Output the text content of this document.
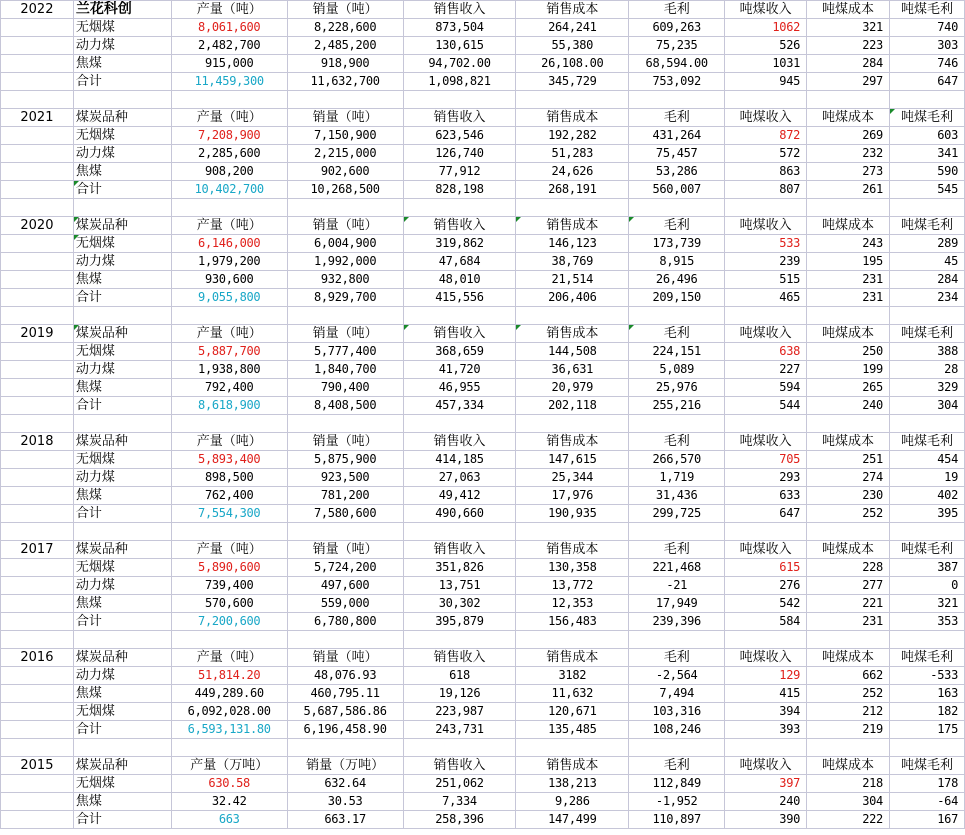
2022	兰花科创	产量（吨）	销量（吨）	销售收入	销售成本	毛利	吨煤收入	吨煤成本	吨煤毛利
	无烟煤	8,061,600	8,228,600	873,504	264,241	609,263	1062	321	740
	动力煤	2,482,700	2,485,200	130,615	55,380	75,235	526	223	303
	焦煤	915,000	918,900	94,702.00	26,108.00	68,594.00	1031	284	746
	合计	11,459,300	11,632,700	1,098,821	345,729	753,092	945	297	647

2021	煤炭品种	产量（吨）	销量（吨）	销售收入	销售成本	毛利	吨煤收入	吨煤成本	吨煤毛利
	无烟煤	7,208,900	7,150,900	623,546	192,282	431,264	872	269	603
	动力煤	2,285,600	2,215,000	126,740	51,283	75,457	572	232	341
	焦煤	908,200	902,600	77,912	24,626	53,286	863	273	590
	合计	10,402,700	10,268,500	828,198	268,191	560,007	807	261	545

2020	煤炭品种	产量（吨）	销量（吨）	销售收入	销售成本	毛利	吨煤收入	吨煤成本	吨煤毛利
	无烟煤	6,146,000	6,004,900	319,862	146,123	173,739	533	243	289
	动力煤	1,979,200	1,992,000	47,684	38,769	8,915	239	195	45
	焦煤	930,600	932,800	48,010	21,514	26,496	515	231	284
	合计	9,055,800	8,929,700	415,556	206,406	209,150	465	231	234

2019	煤炭品种	产量（吨）	销量（吨）	销售收入	销售成本	毛利	吨煤收入	吨煤成本	吨煤毛利
	无烟煤	5,887,700	5,777,400	368,659	144,508	224,151	638	250	388
	动力煤	1,938,800	1,840,700	41,720	36,631	5,089	227	199	28
	焦煤	792,400	790,400	46,955	20,979	25,976	594	265	329
	合计	8,618,900	8,408,500	457,334	202,118	255,216	544	240	304

2018	煤炭品种	产量（吨）	销量（吨）	销售收入	销售成本	毛利	吨煤收入	吨煤成本	吨煤毛利
	无烟煤	5,893,400	5,875,900	414,185	147,615	266,570	705	251	454
	动力煤	898,500	923,500	27,063	25,344	1,719	293	274	19
	焦煤	762,400	781,200	49,412	17,976	31,436	633	230	402
	合计	7,554,300	7,580,600	490,660	190,935	299,725	647	252	395

2017	煤炭品种	产量（吨）	销量（吨）	销售收入	销售成本	毛利	吨煤收入	吨煤成本	吨煤毛利
	无烟煤	5,890,600	5,724,200	351,826	130,358	221,468	615	228	387
	动力煤	739,400	497,600	13,751	13,772	-21	276	277	0
	焦煤	570,600	559,000	30,302	12,353	17,949	542	221	321
	合计	7,200,600	6,780,800	395,879	156,483	239,396	584	231	353

2016	煤炭品种	产量（吨）	销量（吨）	销售收入	销售成本	毛利	吨煤收入	吨煤成本	吨煤毛利
	动力煤	51,814.20	48,076.93	618	3182	-2,564	129	662	-533
	焦煤	449,289.60	460,795.11	19,126	11,632	7,494	415	252	163
	无烟煤	6,092,028.00	5,687,586.86	223,987	120,671	103,316	394	212	182
	合计	6,593,131.80	6,196,458.90	243,731	135,485	108,246	393	219	175

2015	煤炭品种	产量（万吨）	销量（万吨）	销售收入	销售成本	毛利	吨煤收入	吨煤成本	吨煤毛利
	无烟煤	630.58	632.64	251,062	138,213	112,849	397	218	178
	焦煤	32.42	30.53	7,334	9,286	-1,952	240	304	-64
	合计	663	663.17	258,396	147,499	110,897	390	222	167
